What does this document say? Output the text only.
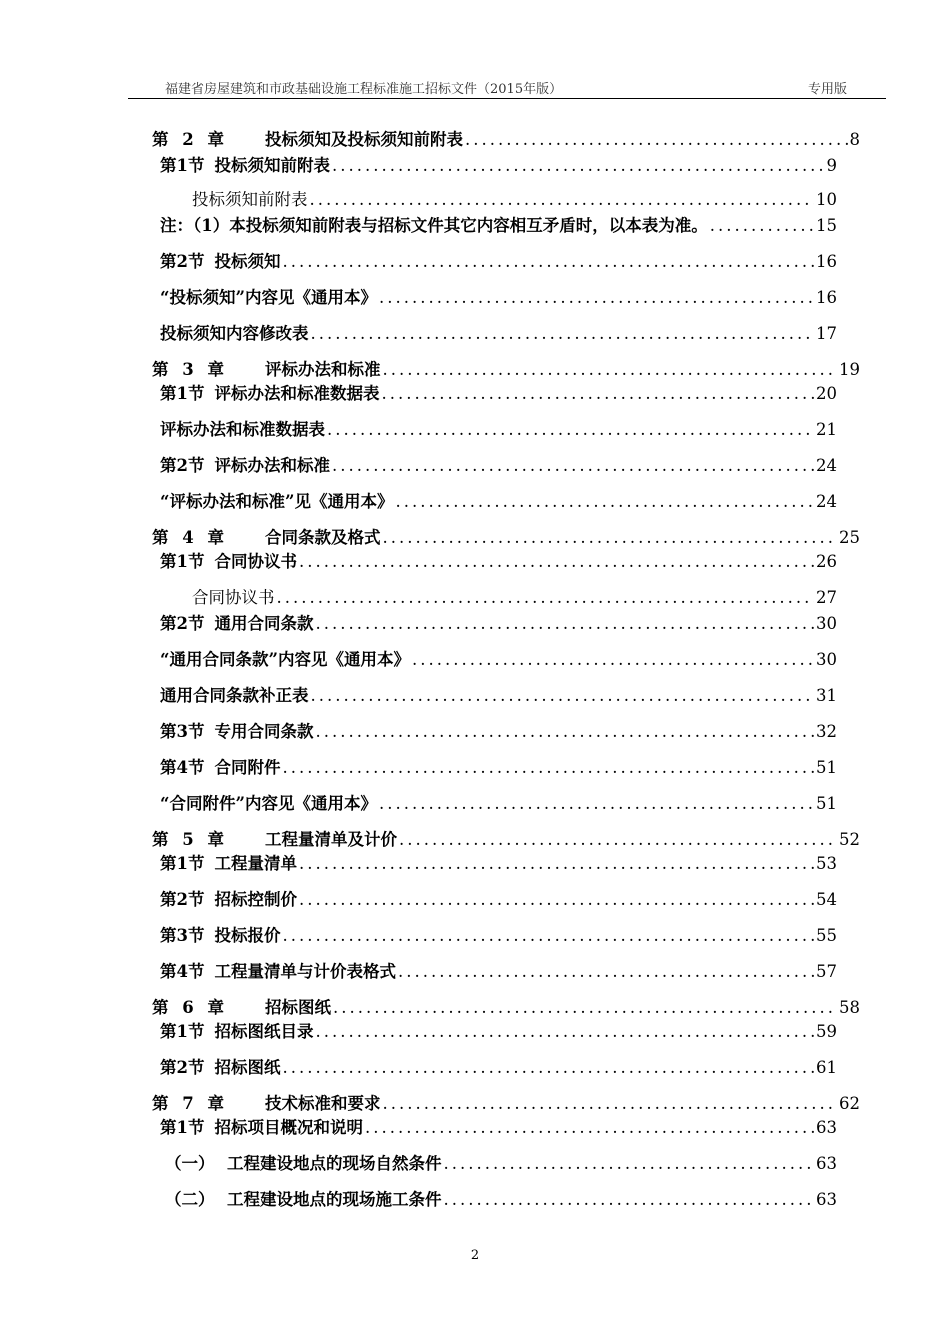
福建省房屋建筑和市政基础设施工程标准施工招标文件（2015年版）	专用版
第 2 章 投标须知及投标须知前附表 .....	8
第1节 投标须知前附表 .....	9
投标须知前附表 .....	10
注：（1）本投标须知前附表与招标文件其它内容相互矛盾时，以本表为准。 .....	15
第2节 投标须知 .....	16
“投标须知”内容见《通用本》 .....	16
投标须知内容修改表 .....	17
第 3 章 评标办法和标准 .....	19
第1节 评标办法和标准数据表 .....	20
评标办法和标准数据表 .....	21
第2节 评标办法和标准 .....	24
“评标办法和标准”见《通用本》 .....	24
第 4 章 合同条款及格式 .....	25
第1节 合同协议书 .....	26
合同协议书 .....	27
第2节 通用合同条款 .....	30
“通用合同条款”内容见《通用本》 .....	30
通用合同条款补正表 .....	31
第3节 专用合同条款 .....	32
第4节 合同附件 .....	51
“合同附件”内容见《通用本》 .....	51
第 5 章 工程量清单及计价 .....	52
第1节 工程量清单 .....	53
第2节 招标控制价 .....	54
第3节 投标报价 .....	55
第4节 工程量清单与计价表格式 .....	57
第 6 章 招标图纸 .....	58
第1节 招标图纸目录 .....	59
第2节 招标图纸 .....	61
第 7 章 技术标准和要求 .....	62
第1节 招标项目概况和说明 .....	63
（一） 工程建设地点的现场自然条件 .....	63
（二） 工程建设地点的现场施工条件 .....	63
2
